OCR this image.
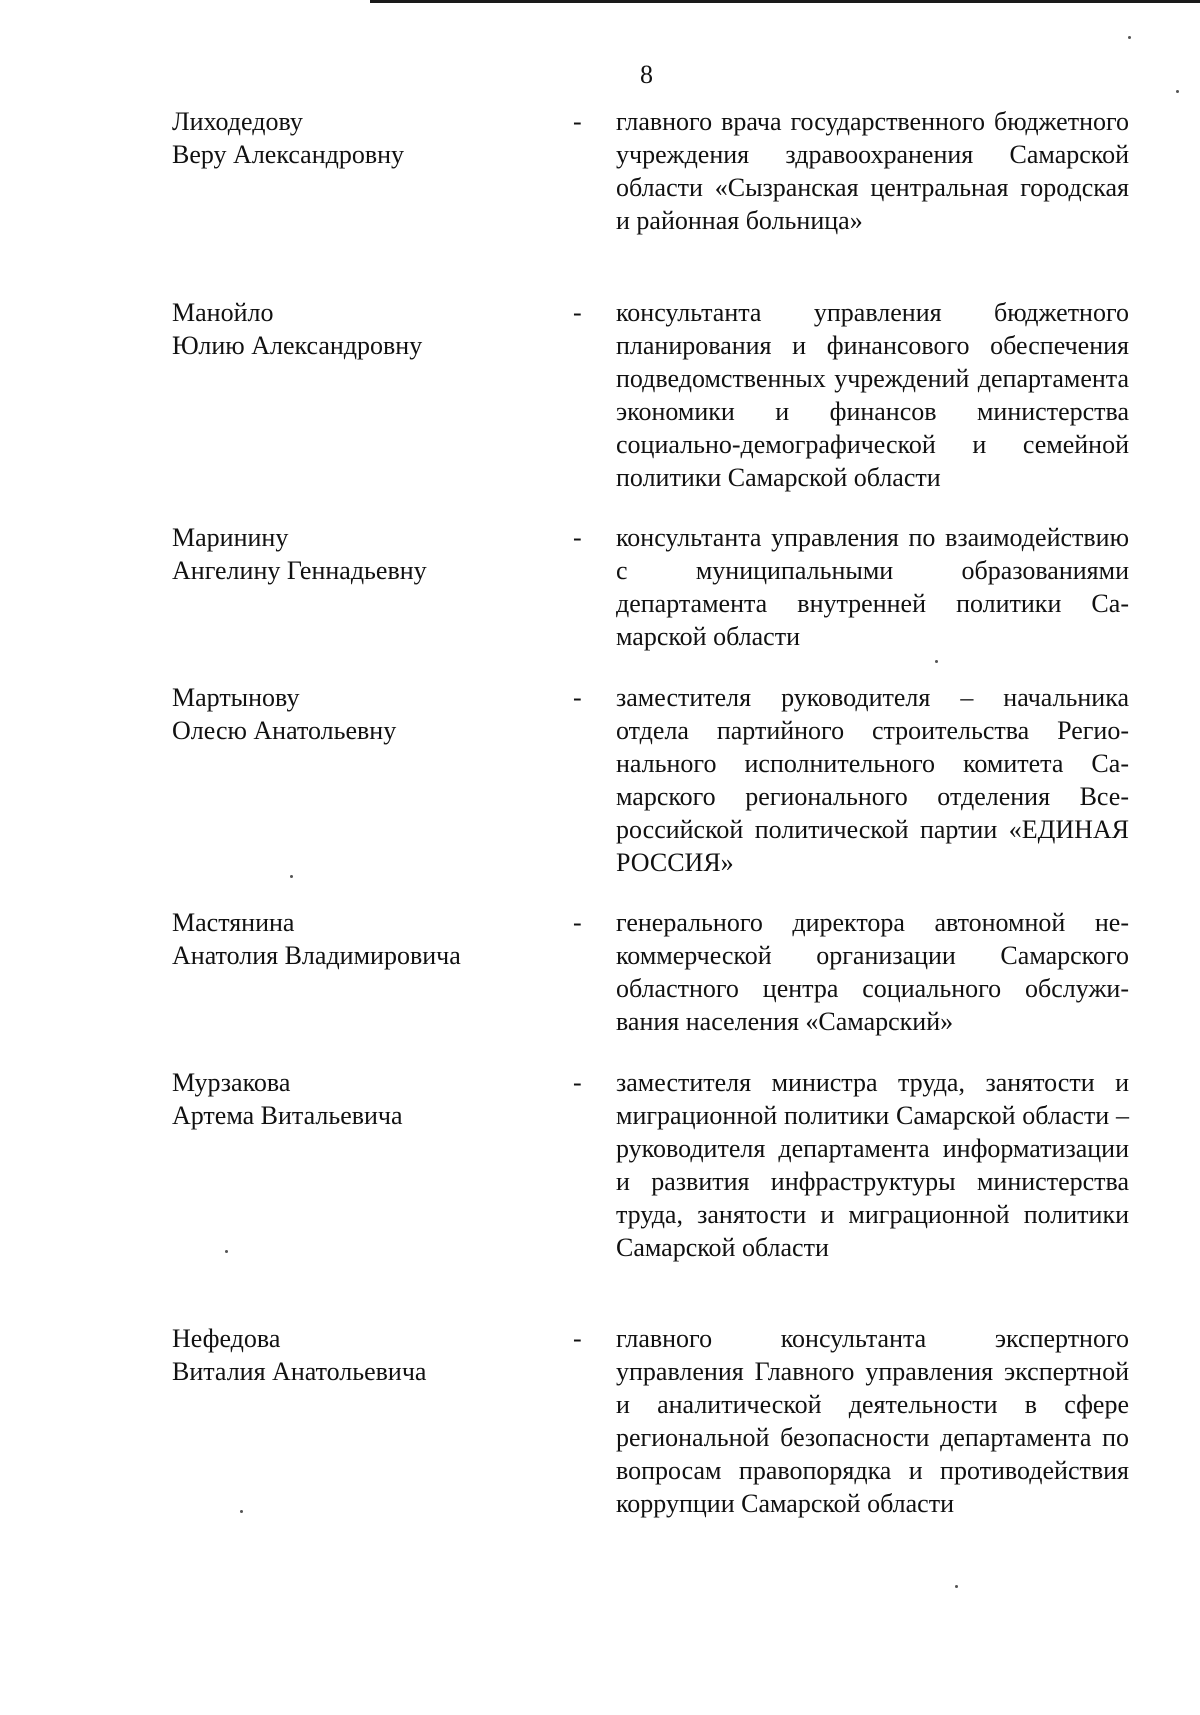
8
Лиходедову
Веру Александровну
- главного врача государственного бюджетного учреждения здравоохранения Самарской области «Сызранская центральная городская и районная больница»
Манойло
Юлию Александровну
- консультанта управления бюджетного планирования и финансового обеспечения подведомственных учреждений департамента экономики и финансов министерства социально-демографической и семейной политики Самарской области
Маринину
Ангелину Геннадьевну
- консультанта управления по взаимодействию с муниципальными образованиями департамента внутренней политики Самарской области
Мартынову
Олесю Анатольевну
- заместителя руководителя – начальника отдела партийного строительства Регионального исполнительного комитета Самарского регионального отделения Всероссийской политической партии «ЕДИНАЯ РОССИЯ»
Мастянина
Анатолия Владимировича
- генерального директора автономной некоммерческой организации Самарского областного центра социального обслуживания населения «Самарский»
Мурзакова
Артема Витальевича
- заместителя министра труда, занятости и миграционной политики Самарской области – руководителя департамента информатизации и развития инфраструктуры министерства труда, занятости и миграционной политики Самарской области
Нефедова
Виталия Анатольевича
- главного консультанта экспертного управления Главного управления экспертной и аналитической деятельности в сфере региональной безопасности департамента по вопросам правопорядка и противодействия коррупции Самарской области
